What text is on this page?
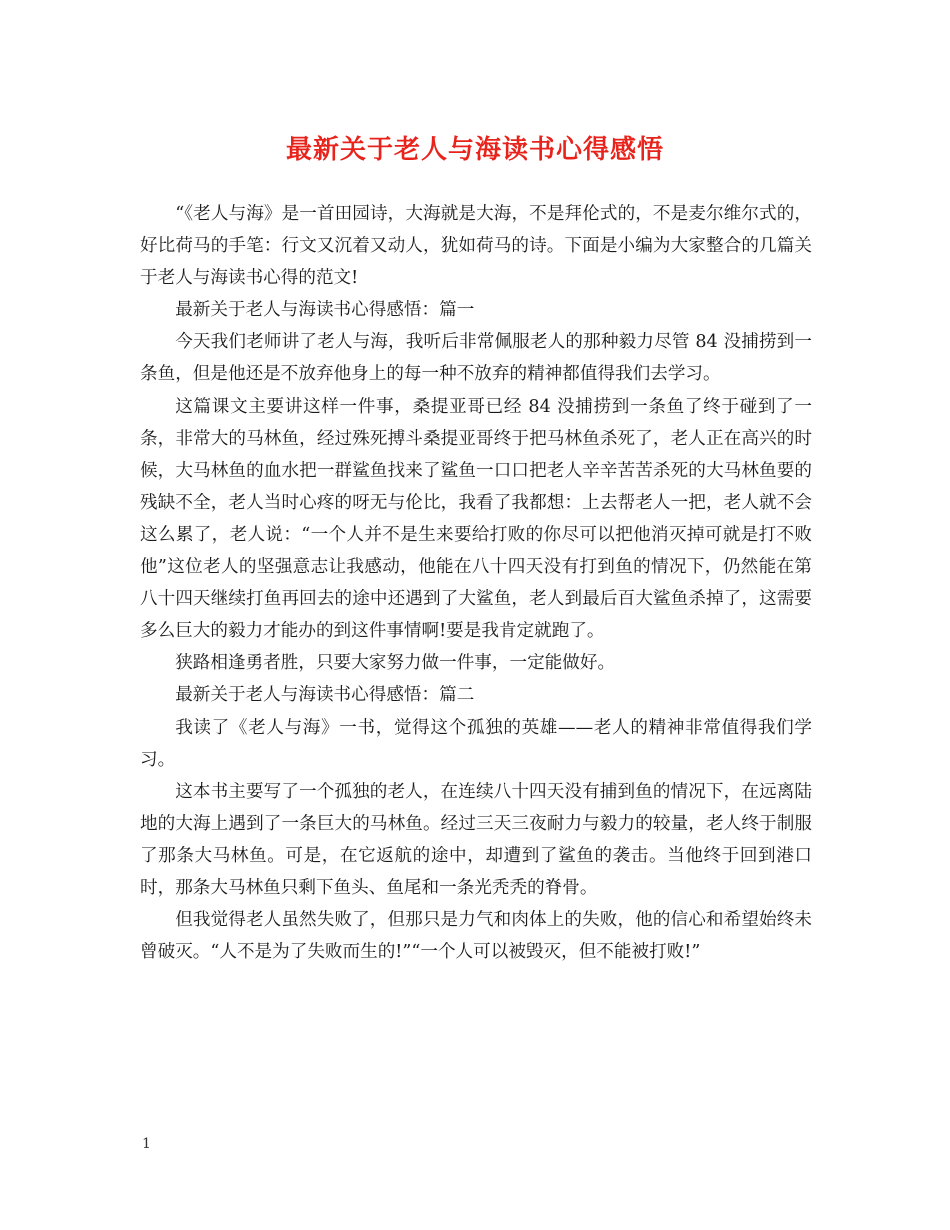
最新关于老人与海读书心得感悟

“《老人与海》是一首田园诗，大海就是大海，不是拜伦式的，不是麦尔维尔式的，好比荷马的手笔：行文又沉着又动人，犹如荷马的诗。下面是小编为大家整合的几篇关于老人与海读书心得的范文!

最新关于老人与海读书心得感悟：篇一

今天我们老师讲了老人与海，我听后非常佩服老人的那种毅力尽管 84 没捕捞到一条鱼，但是他还是不放弃他身上的每一种不放弃的精神都值得我们去学习。

这篇课文主要讲这样一件事，桑提亚哥已经 84 没捕捞到一条鱼了终于碰到了一条，非常大的马林鱼，经过殊死搏斗桑提亚哥终于把马林鱼杀死了，老人正在高兴的时候，大马林鱼的血水把一群鲨鱼找来了鲨鱼一口口把老人辛辛苦苦杀死的大马林鱼要的残缺不全，老人当时心疼的呀无与伦比，我看了我都想：上去帮老人一把，老人就不会这么累了，老人说：“一个人并不是生来要给打败的你尽可以把他消灭掉可就是打不败他”这位老人的坚强意志让我感动，他能在八十四天没有打到鱼的情况下，仍然能在第八十四天继续打鱼再回去的途中还遇到了大鲨鱼，老人到最后百大鲨鱼杀掉了，这需要多么巨大的毅力才能办的到这件事情啊!要是我肯定就跑了。

狭路相逢勇者胜，只要大家努力做一件事，一定能做好。

最新关于老人与海读书心得感悟：篇二

我读了《老人与海》一书，觉得这个孤独的英雄——老人的精神非常值得我们学习。

这本书主要写了一个孤独的老人，在连续八十四天没有捕到鱼的情况下，在远离陆地的大海上遇到了一条巨大的马林鱼。经过三天三夜耐力与毅力的较量，老人终于制服了那条大马林鱼。可是，在它返航的途中，却遭到了鲨鱼的袭击。当他终于回到港口时，那条大马林鱼只剩下鱼头、鱼尾和一条光秃秃的脊骨。

但我觉得老人虽然失败了，但那只是力气和肉体上的失败，他的信心和希望始终未曾破灭。“人不是为了失败而生的!”“一个人可以被毁灭，但不能被打败!”

1
